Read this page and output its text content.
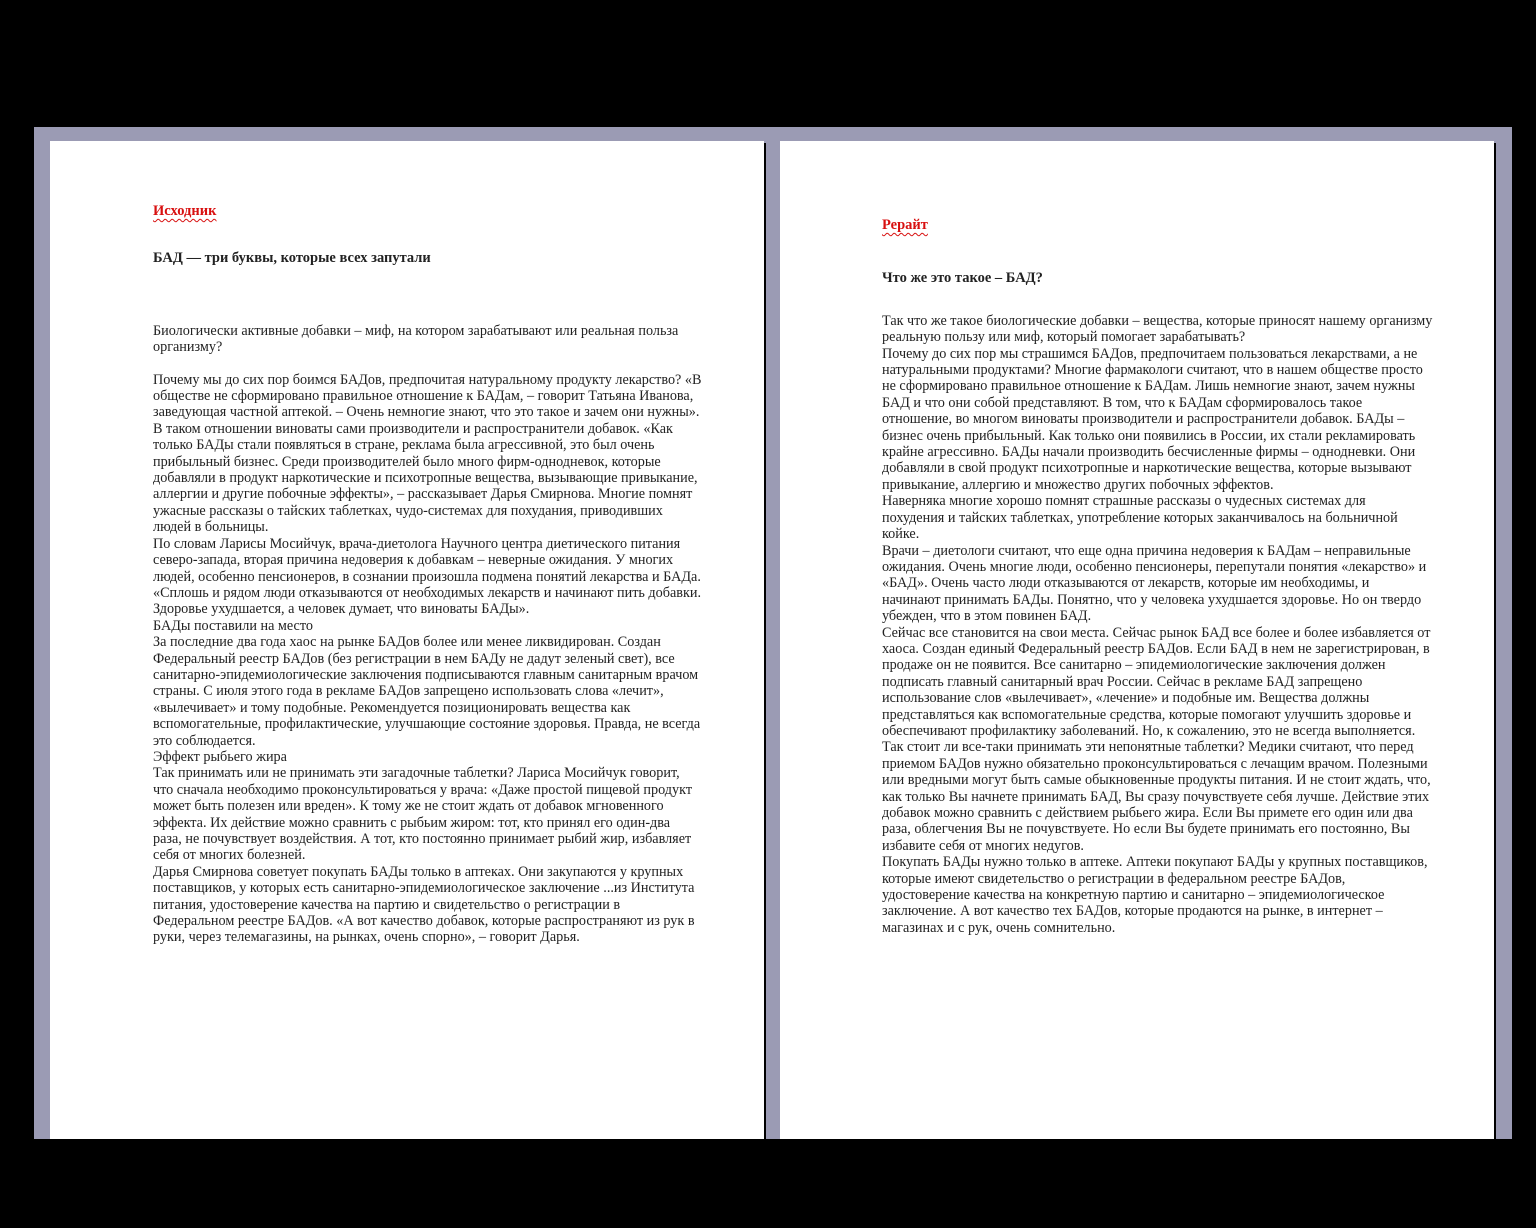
Исходник
БАД — три буквы, которые всех запутали
Биологически активные добавки – миф, на котором зарабатывают или реальная польза
организму?
Почему мы до сих пор боимся БАДов, предпочитая натуральному продукту лекарство? «В
обществе не сформировано правильное отношение к БАДам, – говорит Татьяна Иванова,
заведующая частной аптекой. – Очень немногие знают, что это такое и зачем они нужны».
В таком отношении виноваты сами производители и распространители добавок. «Как
только БАДы стали появляться в стране, реклама была агрессивной, это был очень
прибыльный бизнес. Среди производителей было много фирм-однодневок, которые
добавляли в продукт наркотические и психотропные вещества, вызывающие привыкание,
аллергии и другие побочные эффекты», – рассказывает Дарья Смирнова. Многие помнят
ужасные рассказы о тайских таблетках, чудо-системах для похудания, приводивших
людей в больницы.
По словам Ларисы Мосийчук, врача-диетолога Научного центра диетического питания
северо-запада, вторая причина недоверия к добавкам – неверные ожидания. У многих
людей, особенно пенсионеров, в сознании произошла подмена понятий лекарства и БАДа.
«Сплошь и рядом люди отказываются от необходимых лекарств и начинают пить добавки.
Здоровье ухудшается, а человек думает, что виноваты БАДы».
БАДы поставили на место
За последние два года хаос на рынке БАДов более или менее ликвидирован. Создан
Федеральный реестр БАДов (без регистрации в нем БАДу не дадут зеленый свет), все
санитарно-эпидемиологические заключения подписываются главным санитарным врачом
страны. С июля этого года в рекламе БАДов запрещено использовать слова «лечит»,
«вылечивает» и тому подобные. Рекомендуется позиционировать вещества как
вспомогательные, профилактические, улучшающие состояние здоровья. Правда, не всегда
это соблюдается.
Эффект рыбьего жира
Так принимать или не принимать эти загадочные таблетки? Лариса Мосийчук говорит,
что сначала необходимо проконсультироваться у врача: «Даже простой пищевой продукт
может быть полезен или вреден». К тому же не стоит ждать от добавок мгновенного
эффекта. Их действие можно сравнить с рыбьим жиром: тот, кто принял его один-два
раза, не почувствует воздействия. А тот, кто постоянно принимает рыбий жир, избавляет
себя от многих болезней.
Дарья Смирнова советует покупать БАДы только в аптеках. Они закупаются у крупных
поставщиков, у которых есть санитарно-эпидемиологическое заключение ...из Института
питания, удостоверение качества на партию и свидетельство о регистрации в
Федеральном реестре БАДов. «А вот качество добавок, которые распространяют из рук в
руки, через телемагазины, на рынках, очень спорно», – говорит Дарья.
Рерайт
Что же это такое – БАД?
Так что же такое биологические добавки – вещества, которые приносят нашему организму
реальную пользу или миф, который помогает зарабатывать?
Почему до сих пор мы страшимся БАДов, предпочитаем пользоваться лекарствами, а не
натуральными продуктами? Многие фармакологи считают, что в нашем обществе просто
не сформировано правильное отношение к БАДам. Лишь немногие знают, зачем нужны
БАД и что они собой представляют. В том, что к БАДам сформировалось такое
отношение, во многом виноваты производители и распространители добавок. БАДы –
бизнес очень прибыльный. Как только они появились в России, их стали рекламировать
крайне агрессивно. БАДы начали производить бесчисленные фирмы – однодневки. Они
добавляли в свой продукт психотропные и наркотические вещества, которые вызывают
привыкание, аллергию и множество других побочных эффектов.
Наверняка многие хорошо помнят страшные рассказы о чудесных системах для
похудения и тайских таблетках, употребление которых заканчивалось на больничной
койке.
Врачи – диетологи считают, что еще одна причина недоверия к БАДам – неправильные
ожидания. Очень многие люди, особенно пенсионеры, перепутали понятия «лекарство» и
«БАД». Очень часто люди отказываются от лекарств, которые им необходимы, и
начинают принимать БАДы. Понятно, что у человека ухудшается здоровье. Но он твердо
убежден, что в этом повинен БАД.
Сейчас все становится на свои места. Сейчас рынок БАД все более и более избавляется от
хаоса. Создан единый Федеральный реестр БАДов. Если БАД в нем не зарегистрирован, в
продаже он не появится. Все санитарно – эпидемиологические заключения должен
подписать главный санитарный врач России. Сейчас в рекламе БАД запрещено
использование слов «вылечивает», «лечение» и подобные им. Вещества должны
представляться как вспомогательные средства, которые помогают улучшить здоровье и
обеспечивают профилактику заболеваний. Но, к сожалению, это не всегда выполняется.
Так стоит ли все-таки принимать эти непонятные таблетки? Медики считают, что перед
приемом БАДов нужно обязательно проконсультироваться с лечащим врачом. Полезными
или вредными могут быть самые обыкновенные продукты питания. И не стоит ждать, что,
как только Вы начнете принимать БАД, Вы сразу почувствуете себя лучше. Действие этих
добавок можно сравнить с действием рыбьего жира. Если Вы примете его один или два
раза, облегчения Вы не почувствуете. Но если Вы будете принимать его постоянно, Вы
избавите себя от многих недугов.
Покупать БАДы нужно только в аптеке. Аптеки покупают БАДы у крупных поставщиков,
которые имеют свидетельство о регистрации в федеральном реестре БАДов,
удостоверение качества на конкретную партию и санитарно – эпидемиологическое
заключение. А вот качество тех БАДов, которые продаются на рынке, в интернет –
магазинах и с рук, очень сомнительно.
